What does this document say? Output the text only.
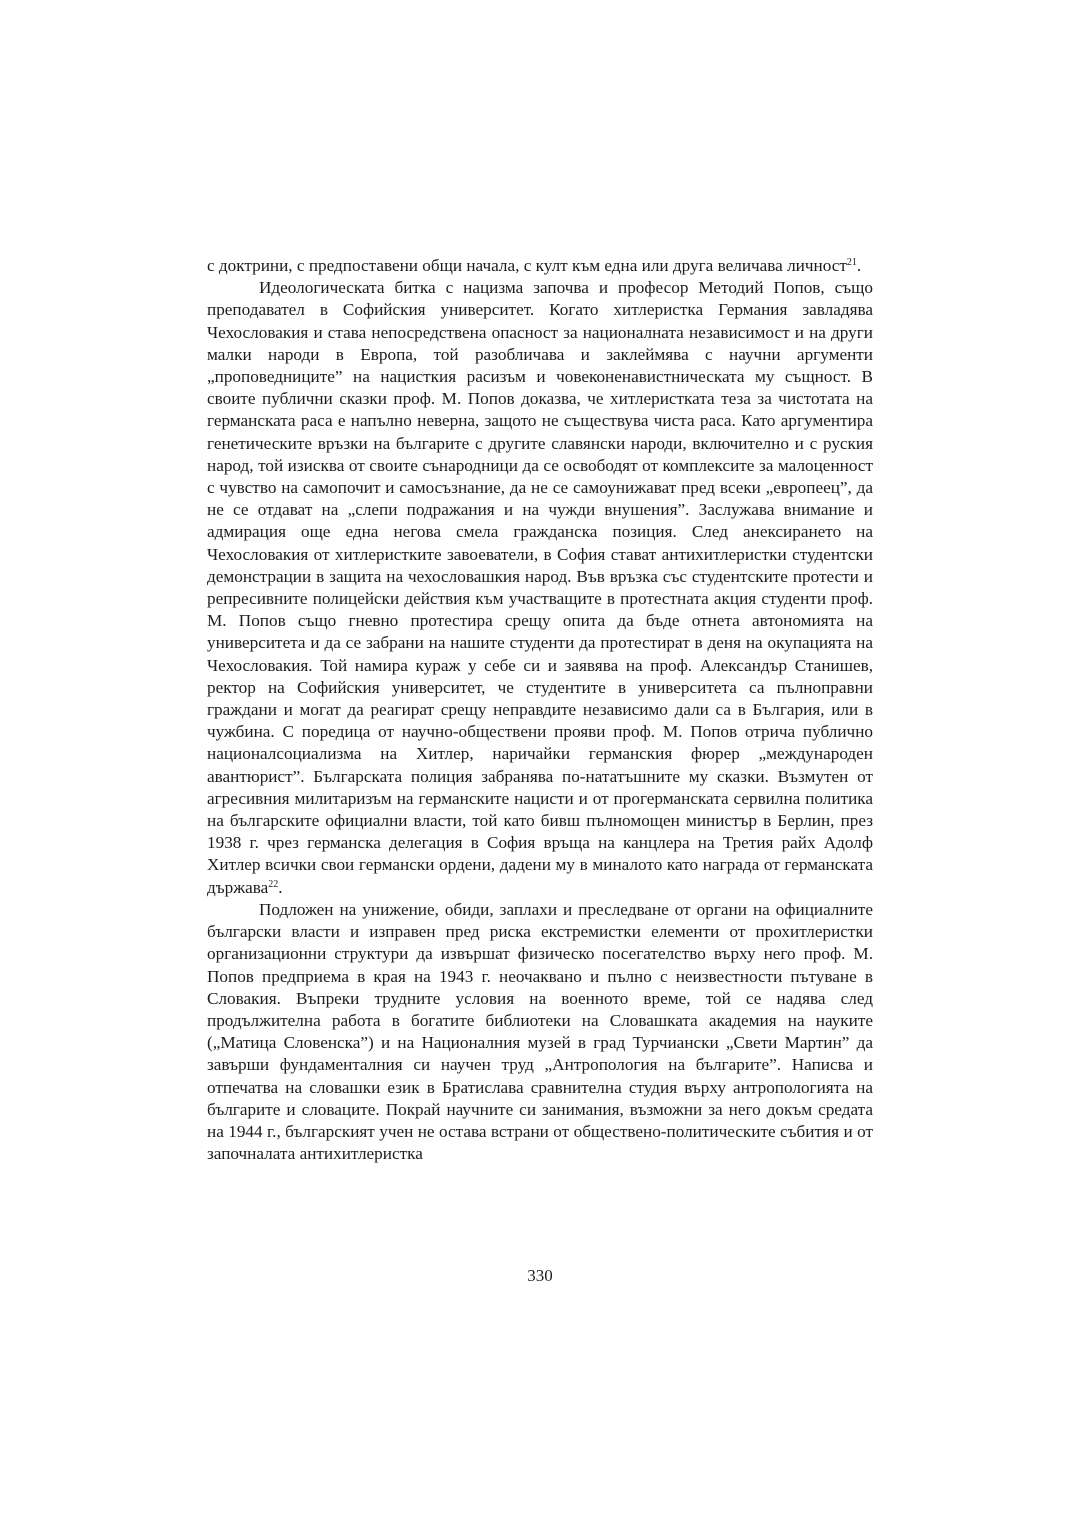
с доктрини, с предпоставени общи начала, с култ към една или друга величава личност$^{21}$.

Идеологическата битка с нацизма започва и професор Методий Попов, също преподавател в Софийския университет. Когато хитлеристка Германия завладява Чехословакия и става непосредствена опасност за националната независимост и на други малки народи в Европа, той разобличава и заклеймява с научни аргументи „проповедниците” на нацисткия расизъм и човеконенавистническата му същност. В своите публични сказки проф. М. Попов доказва, че хитлеристката теза за чистотата на германската раса е напълно неверна, защото не съществува чиста раса. Като аргументира генетическите връзки на българите с другите славянски народи, включително и с руския народ, той изисква от своите сънародници да се освободят от комплексите за малоценност с чувство на самопочит и самосъзнание, да не се самоунижават пред всеки „европеец”, да не се отдават на „слепи подражания и на чужди внушения”. Заслужава внимание и адмирация още една негова смела гражданска позиция. След анексирането на Чехословакия от хитлеристките завоеватели, в София стават антихитлеристки студентски демонстрации в защита на чехословашкия народ. Във връзка със студентските протести и репресивните полицейски действия към участващите в протестната акция студенти проф. М. Попов също гневно протестира срещу опита да бъде отнета автономията на университета и да се забрани на нашите студенти да протестират в деня на окупацията на Чехословакия. Той намира кураж у себе си и заявява на проф. Александър Станишев, ректор на Софийския университет, че студентите в университета са пълноправни граждани и могат да реагират срещу неправдите независимо дали са в България, или в чужбина. С поредица от научно-обществени прояви проф. М. Попов отрича публично националсоциализма на Хитлер, наричайки германския фюрер „международен авантюрист”. Българската полиция забранява по-нататъшните му сказки. Възмутен от агресивния милитаризъм на германските нацисти и от прогерманската сервилна политика на българските официални власти, той като бивш пълномощен министър в Берлин, през 1938 г. чрез германска делегация в София връща на канцлера на Третия райх Адолф Хитлер всички свои германски ордени, дадени му в миналото като награда от германската държава$^{22}$.

Подложен на унижение, обиди, заплахи и преследване от органи на официалните български власти и изправен пред риска екстремистки елементи от прохитлеристки организационни структури да извършат физическо посегателство върху него проф. М. Попов предприема в края на 1943 г. неочаквано и пълно с неизвестности пътуване в Словакия. Въпреки трудните условия на военното време, той се надява след продължителна работа в богатите библиотеки на Словашката академия на науките („Матица Словенска”) и на Националния музей в град Турчиански „Свети Мартин” да завърши фундаменталния си научен труд „Антропология на българите”. Написва и отпечатва на словашки език в Братислава сравнителна студия върху антропологията на българите и словаците. Покрай научните си занимания, възможни за него докъм средата на 1944 г., българският учен не остава встрани от обществено-политическите събития и от започналата антихитлеристка

330
